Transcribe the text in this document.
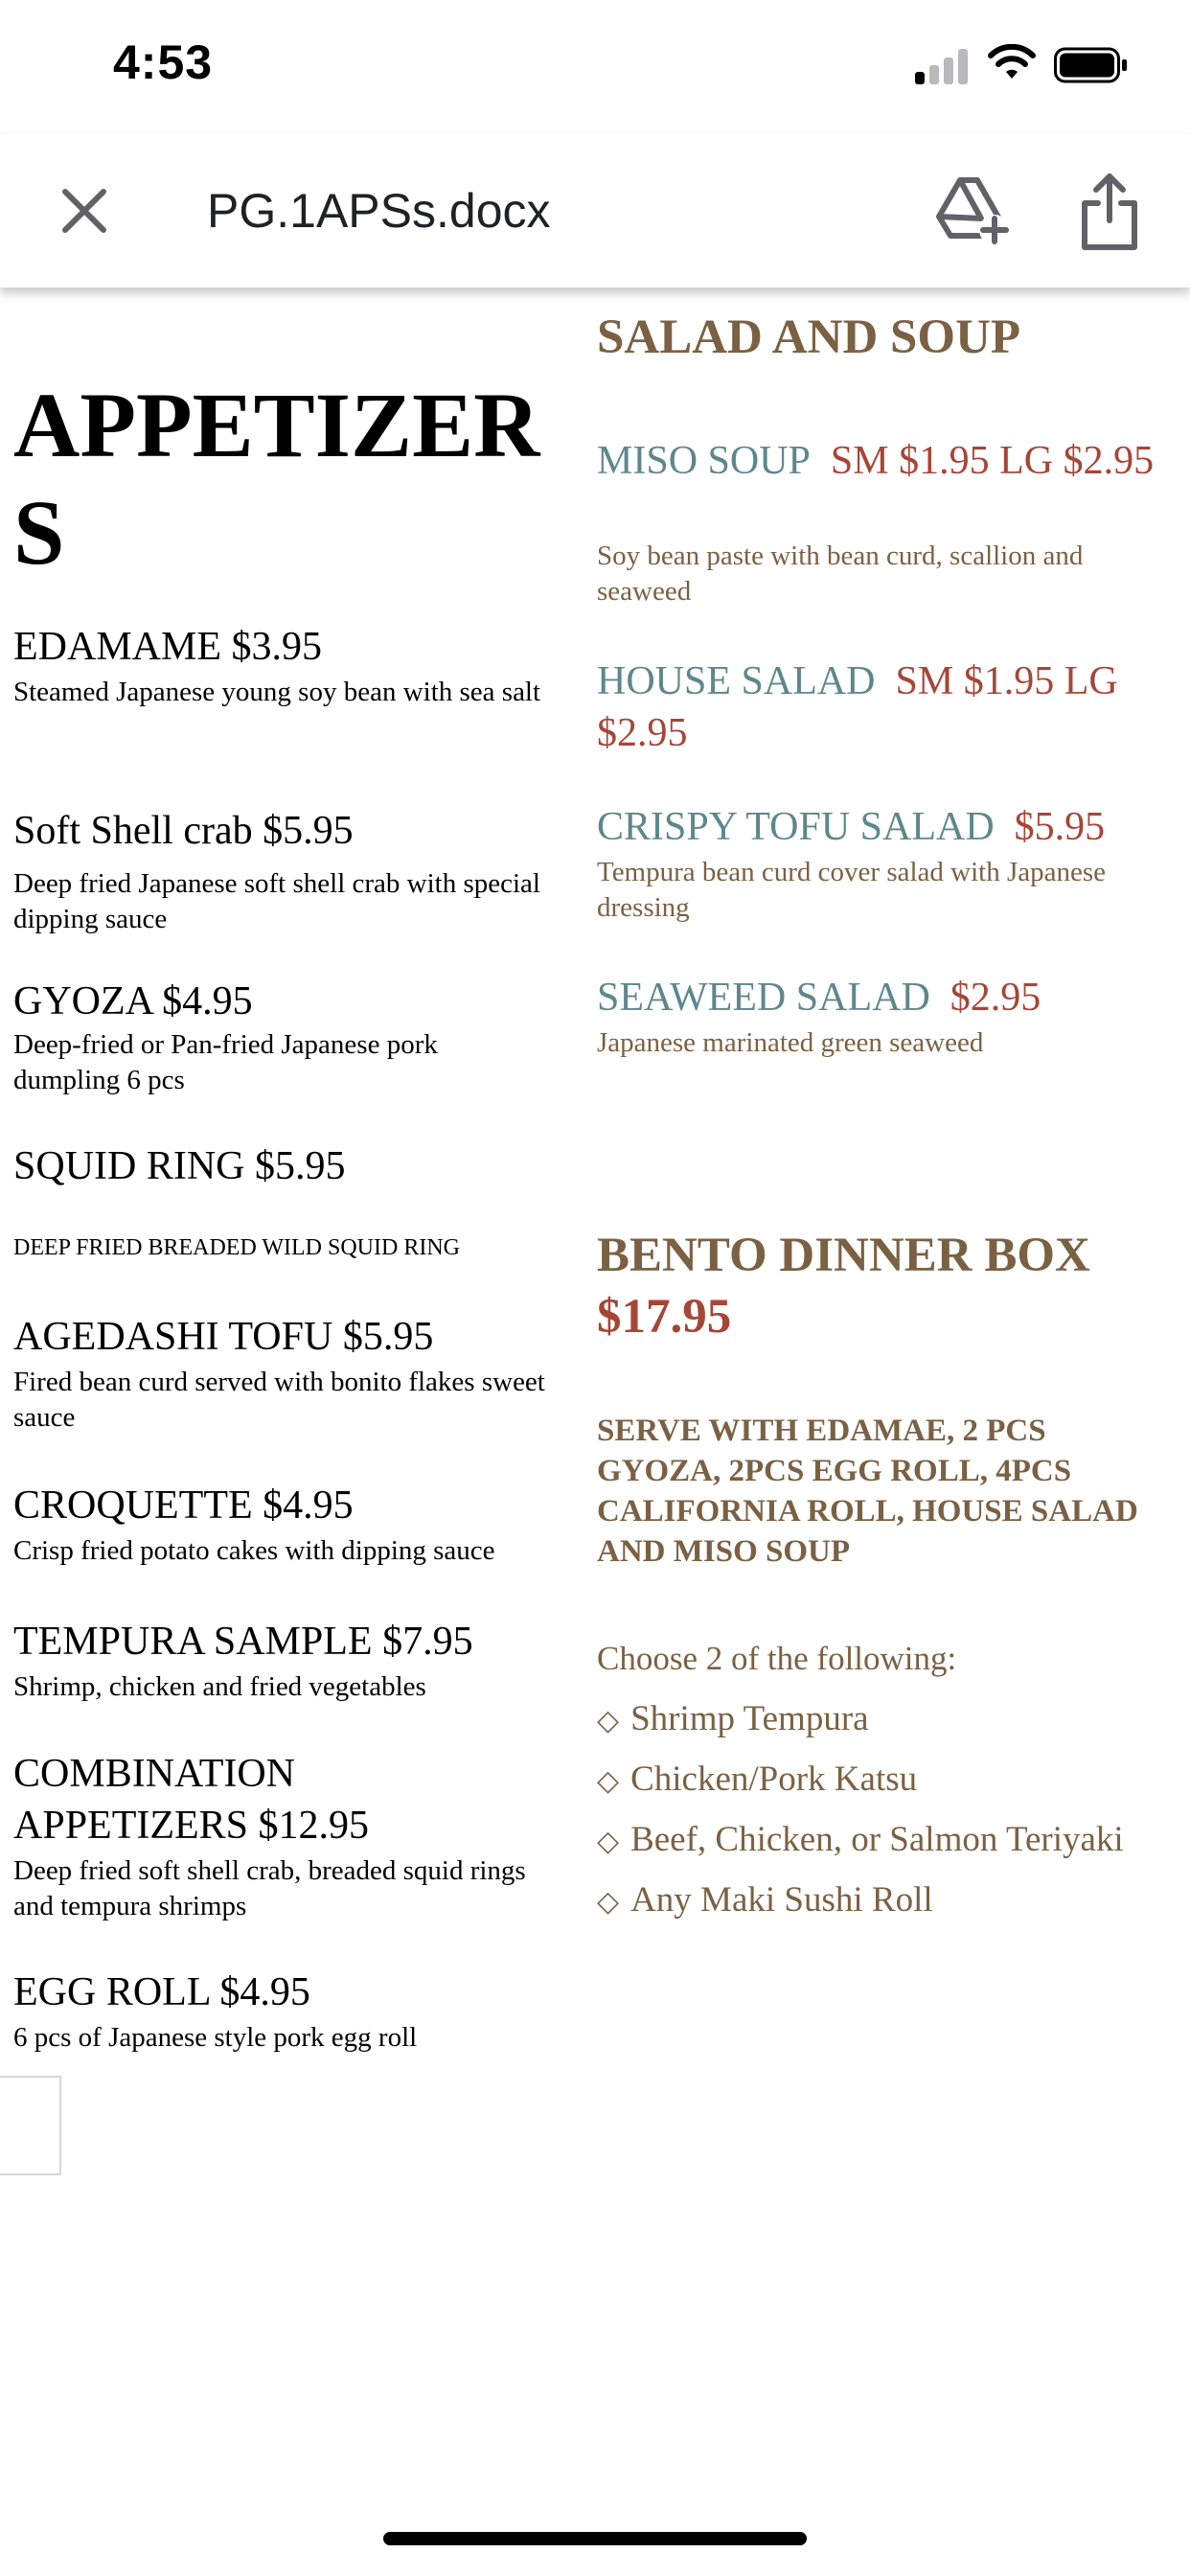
4:53
PG.1APSs.docx
APPETIZER
S
EDAMAME $3.95
Steamed Japanese young soy bean with sea salt
Soft Shell crab $5.95
Deep fried Japanese soft shell crab with special dipping sauce
GYOZA $4.95
Deep-fried or Pan-fried Japanese pork dumpling 6 pcs
SQUID RING $5.95
DEEP FRIED BREADED WILD SQUID RING
AGEDASHI TOFU $5.95
Fired bean curd served with bonito flakes sweet sauce
CROQUETTE $4.95
Crisp fried potato cakes with dipping sauce
TEMPURA SAMPLE $7.95
Shrimp, chicken and fried vegetables
COMBINATION APPETIZERS $12.95
Deep fried soft shell crab, breaded squid rings and tempura shrimps
EGG ROLL $4.95
6 pcs of Japanese style pork egg roll
SALAD AND SOUP
MISO SOUP SM $1.95 LG $2.95
Soy bean paste with bean curd, scallion and seaweed
HOUSE SALAD SM $1.95 LG $2.95
CRISPY TOFU SALAD $5.95
Tempura bean curd cover salad with Japanese dressing
SEAWEED SALAD $2.95
Japanese marinated green seaweed
BENTO DINNER BOX
$17.95
SERVE WITH EDAMAE, 2 PCS GYOZA, 2PCS EGG ROLL, 4PCS CALIFORNIA ROLL, HOUSE SALAD AND MISO SOUP
Choose 2 of the following:
◇ Shrimp Tempura
◇ Chicken/Pork Katsu
◇ Beef, Chicken, or Salmon Teriyaki
◇ Any Maki Sushi Roll
